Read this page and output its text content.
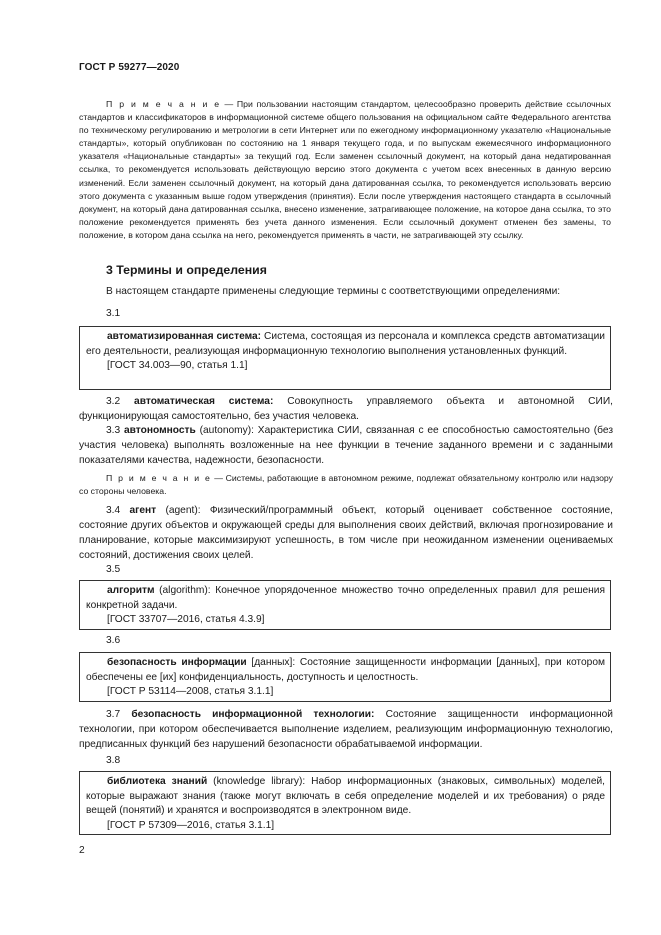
ГОСТ Р 59277—2020
П р и м е ч а н и е — При пользовании настоящим стандартом, целесообразно проверить действие ссылочных стандартов и классификаторов в информационной системе общего пользования на официальном сайте Федерального агентства по техническому регулированию и метрологии в сети Интернет или по ежегодному информационному указателю «Национальные стандарты», который опубликован по состоянию на 1 января текущего года, и по выпускам ежемесячного информационного указателя «Национальные стандарты» за текущий год. Если заменен ссылочный документ, на который дана недатированная ссылка, то рекомендуется использовать действующую версию этого документа с учетом всех внесенных в данную версию изменений. Если заменен ссылочный документ, на который дана датированная ссылка, то рекомендуется использовать версию этого документа с указанным выше годом утверждения (принятия). Если после утверждения настоящего стандарта в ссылочный документ, на который дана датированная ссылка, внесено изменение, затрагивающее положение, на которое дана ссылка, то это положение рекомендуется применять без учета данного изменения. Если ссылочный документ отменен без замены, то положение, в котором дана ссылка на него, рекомендуется применять в части, не затрагивающей эту ссылку.
3 Термины и определения
В настоящем стандарте применены следующие термины с соответствующими определениями:
3.1
автоматизированная система: Система, состоящая из персонала и комплекса средств автоматизации его деятельности, реализующая информационную технологию выполнения установленных функций.
[ГОСТ 34.003—90, статья 1.1]
3.2 автоматическая система: Совокупность управляемого объекта и автономной СИИ, функционирующая самостоятельно, без участия человека.
3.3 автономность (autonomy): Характеристика СИИ, связанная с ее способностью самостоятельно (без участия человека) выполнять возложенные на нее функции в течение заданного времени и с заданными показателями качества, надежности, безопасности.
П р и м е ч а н и е — Системы, работающие в автономном режиме, подлежат обязательному контролю или надзору со стороны человека.
3.4 агент (agent): Физический/программный объект, который оценивает собственное состояние, состояние других объектов и окружающей среды для выполнения своих действий, включая прогнозирование и планирование, которые максимизируют успешность, в том числе при неожиданном изменении оцениваемых состояний, достижения своих целей.
3.5
алгоритм (algorithm): Конечное упорядоченное множество точно определенных правил для решения конкретной задачи.
[ГОСТ 33707—2016, статья 4.3.9]
3.6
безопасность информации [данных]: Состояние защищенности информации [данных], при котором обеспечены ее [их] конфиденциальность, доступность и целостность.
[ГОСТ Р 53114—2008, статья 3.1.1]
3.7 безопасность информационной технологии: Состояние защищенности информационной технологии, при котором обеспечивается выполнение изделием, реализующим информационную технологию, предписанных функций без нарушений безопасности обрабатываемой информации.
3.8
библиотека знаний (knowledge library): Набор информационных (знаковых, символьных) моделей, которые выражают знания (также могут включать в себя определение моделей и их требования) о ряде вещей (понятий) и хранятся и воспроизводятся в электронном виде.
[ГОСТ Р 57309—2016, статья 3.1.1]
2
